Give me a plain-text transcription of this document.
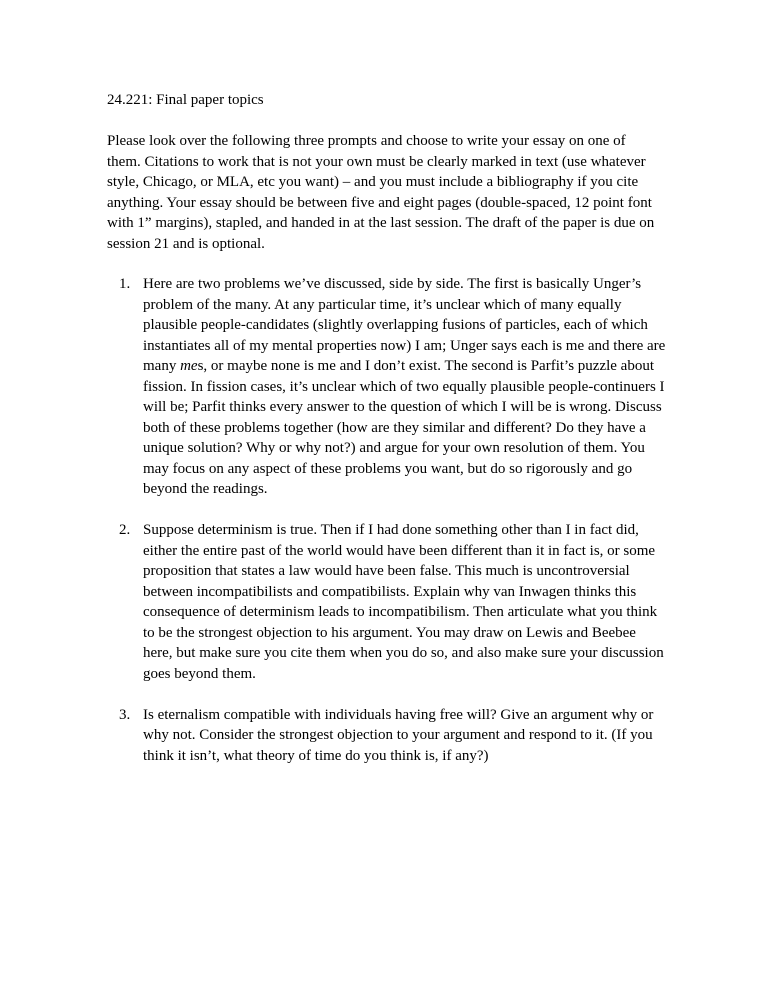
24.221: Final paper topics

Please look over the following three prompts and choose to write your essay on one of them. Citations to work that is not your own must be clearly marked in text (use whatever style, Chicago, or MLA, etc you want) – and you must include a bibliography if you cite anything. Your essay should be between five and eight pages (double-spaced, 12 point font with 1” margins), stapled, and handed in at the last session. The draft of the paper is due on session 21 and is optional.

1. Here are two problems we’ve discussed, side by side. The first is basically Unger’s problem of the many. At any particular time, it’s unclear which of many equally plausible people-candidates (slightly overlapping fusions of particles, each of which instantiates all of my mental properties now) I am; Unger says each is me and there are many mes, or maybe none is me and I don’t exist. The second is Parfit’s puzzle about fission. In fission cases, it’s unclear which of two equally plausible people-continuers I will be; Parfit thinks every answer to the question of which I will be is wrong. Discuss both of these problems together (how are they similar and different? Do they have a unique solution? Why or why not?) and argue for your own resolution of them. You may focus on any aspect of these problems you want, but do so rigorously and go beyond the readings.
2. Suppose determinism is true. Then if I had done something other than I in fact did, either the entire past of the world would have been different than it in fact is, or some proposition that states a law would have been false. This much is uncontroversial between incompatibilists and compatibilists. Explain why van Inwagen thinks this consequence of determinism leads to incompatibilism. Then articulate what you think to be the strongest objection to his argument. You may draw on Lewis and Beebee here, but make sure you cite them when you do so, and also make sure your discussion goes beyond them.
3. Is eternalism compatible with individuals having free will? Give an argument why or why not. Consider the strongest objection to your argument and respond to it. (If you think it isn’t, what theory of time do you think is, if any?)
